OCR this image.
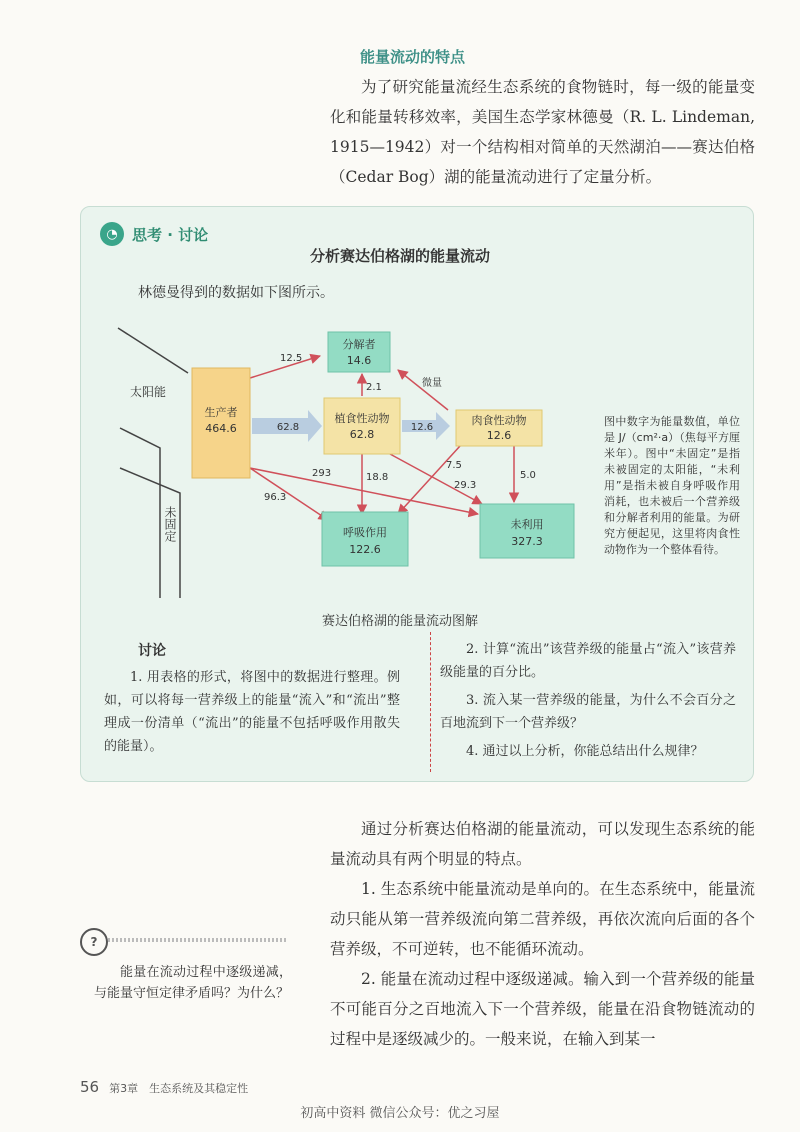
能量流动的特点

为了研究能量流经生态系统的食物链时，每一级的能量变化和能量转移效率，美国生态学家林德曼（R. L. Lindeman, 1915—1942）对一个结构相对简单的天然湖泊——赛达伯格（Cedar Bog）湖的能量流动进行了定量分析。

◔ 思考 · 讨论
分析赛达伯格湖的能量流动
林德曼得到的数据如下图所示。
太阳能
未固定
生产者
464.6	62.8
分解者
14.6
植食性动物
62.8
12.6
肉食性动物
12.6
呼吸作用
122.6
未利用
327.3
12.5
2.1	微量
96.3
293	18.8
7.5
29.3
5.0
图中数字为能量数值，单位是 J/（cm²·a）（焦每平方厘米年）。图中“未固定”是指未被固定的太阳能，“未利用”是指未被自身呼吸作用消耗，也未被后一个营养级和分解者利用的能量。为研究方便起见，这里将肉食性动物作为一个整体看待。
赛达伯格湖的能量流动图解
讨论

1. 用表格的形式，将图中的数据进行整理。例如，可以将每一营养级上的能量“流入”和“流出”整理成一份清单（“流出”的能量不包括呼吸作用散失的能量）。

2. 计算“流出”该营养级的能量占“流入”该营养级能量的百分比。

3. 流入某一营养级的能量，为什么不会百分之百地流到下一个营养级？

4. 通过以上分析，你能总结出什么规律？

通过分析赛达伯格湖的能量流动，可以发现生态系统的能量流动具有两个明显的特点。

1. 生态系统中能量流动是单向的。在生态系统中，能量流动只能从第一营养级流向第二营养级，再依次流向后面的各个营养级，不可逆转，也不能循环流动。

2. 能量在流动过程中逐级递减。输入到一个营养级的能量不可能百分之百地流入下一个营养级，能量在沿食物链流动的过程中是逐级减少的。一般来说，在输入到某一

?
能量在流动过程中逐级递减，与能量守恒定律矛盾吗？为什么？
56 第3章　生态系统及其稳定性
初高中资料 微信公众号：优之习屋
